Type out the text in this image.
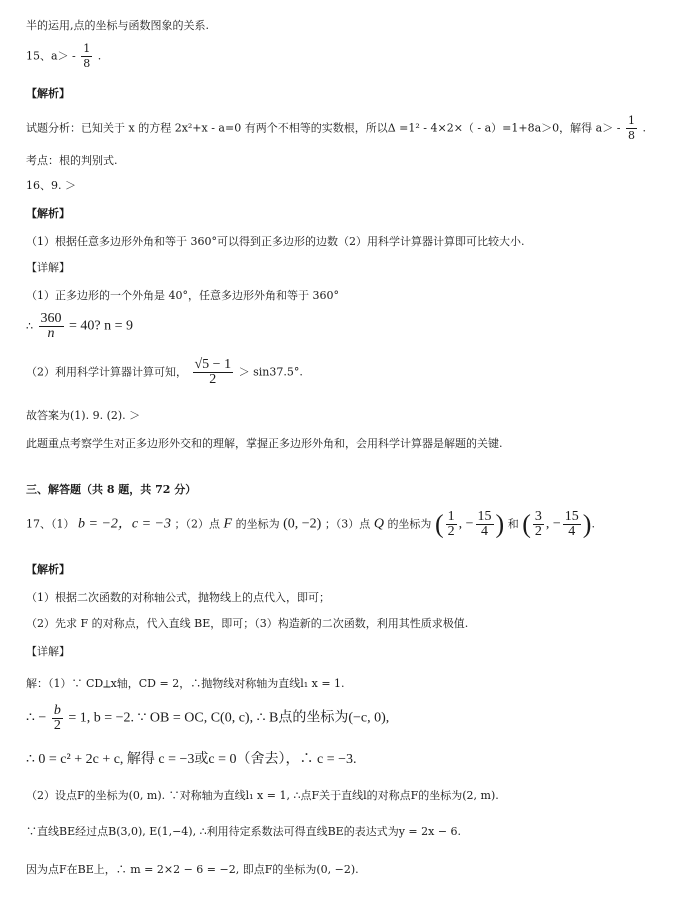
半的运用,点的坐标与函数图象的关系.
15、$a> - \frac{1}{8}$ .
【解析】
试题分析：已知关于 x 的方程 2x²+x - a=0 有两个不相等的实数根，所以Δ =1² - 4×2×（ - a）=1+8a＞0，解得 $a> - \frac{1}{8}$ .
考点：根的判别式.
16、9. ＞
【解析】
（1）根据任意多边形外角和等于 360°可以得到正多边形的边数（2）用科学计算器计算即可比较大小.
【详解】
（1）正多边形的一个外角是 40°，任意多边形外角和等于 360°
∴ $\frac{360}{n} = 40$? n = 9
（2）利用科学计算器计算可知， $\frac{√5 - 1}{2} > \sin 37.5^\circ$.
故答案为(1). 9. (2). ＞
此题重点考察学生对正多边形外交和的理解，掌握正多边形外角和，会用科学计算器是解题的关键.
三、解答题（共 8 题，共 72 分）
17、（1） b = −2，c = −3 ；（2）点 F 的坐标为 (0, −2) ；（3）点 Q 的坐标为 ( $\frac{1}{2}$ , − $\frac{15}{4}$ ) 和 ( $\frac{3}{2}$ , − $\frac{15}{4}$ ).
【解析】
（1）根据二次函数的对称轴公式，抛物线上的点代入，即可；
（2）先求 F 的对称点，代入直线 BE，即可；（3）构造新的二次函数，利用其性质求极值.
【详解】
解：（1）∵ CD⟂x轴，CD = 2，∴抛物线对称轴为直线l₁ x = 1.
∴ − $\frac{b}{2} = 1$, b = −2. ∵ OB = OC, C(0, c), ∴ B点的坐标为(−c, 0),
∴ 0 = c² + 2c + c, 解得 c = −3或c = 0（舍去），∴ c = −3.
（2）设点F的坐标为(0, m). ∵对称轴为直线l₁ x = 1, ∴点F关于直线l的对称点F的坐标为(2, m).
∵直线BE经过点B(3,0), E(1,−4), ∴利用待定系数法可得直线BE的表达式为y = 2x − 6.
因为点F在BE上，∴ m = 2×2 − 6 = −2, 即点F的坐标为(0, −2).
